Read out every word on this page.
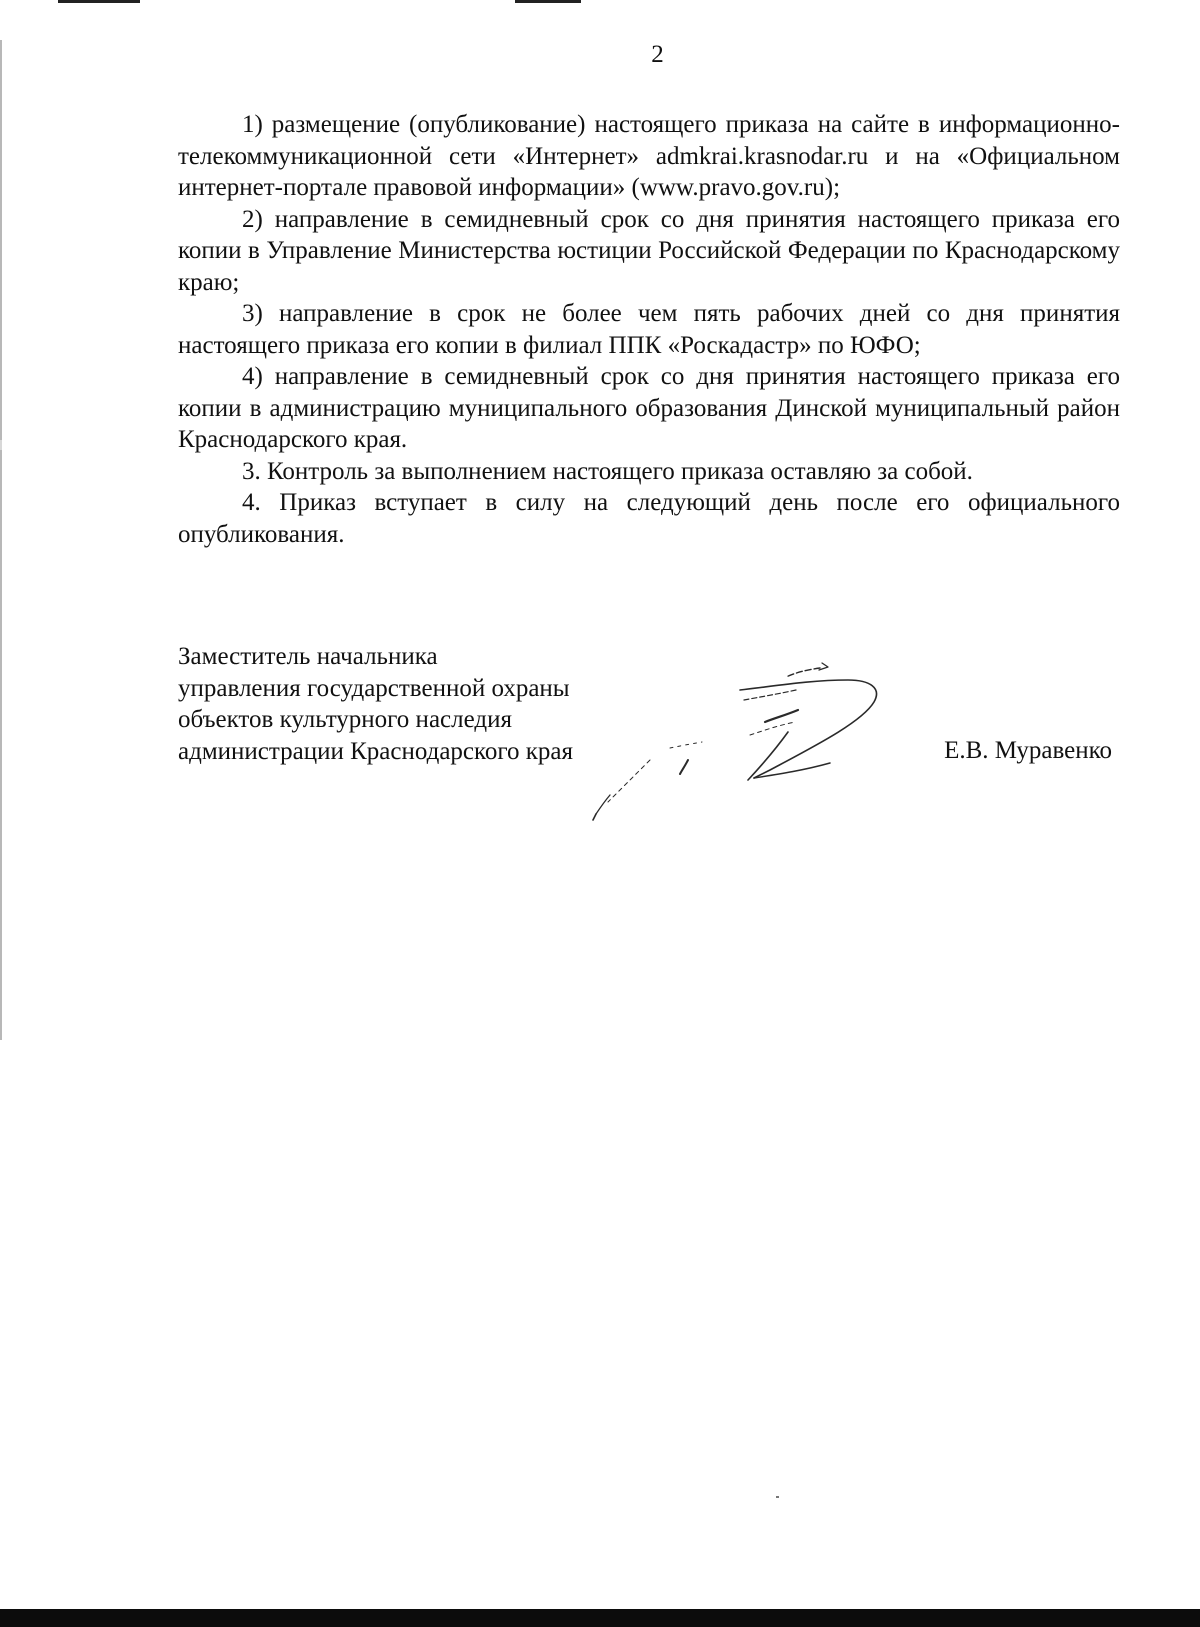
2

1) размещение (опубликование) настоящего приказа на сайте в информационно-телекоммуникационной сети «Интернет» admkrai.krasnodar.ru и на «Официальном интернет-портале правовой информации» (www.pravo.gov.ru);

2) направление в семидневный срок со дня принятия настоящего приказа его копии в Управление Министерства юстиции Российской Федерации по Краснодарскому краю;

3) направление в срок не более чем пять рабочих дней со дня принятия настоящего приказа его копии в филиал ППК «Роскадастр» по ЮФО;

4) направление в семидневный срок со дня принятия настоящего приказа его копии в администрацию муниципального образования Динской муниципальный район Краснодарского края.

3. Контроль за выполнением настоящего приказа оставляю за собой.

4. Приказ вступает в силу на следующий день после его официального опубликования.

Заместитель начальника
управления государственной охраны
объектов культурного наследия
администрации Краснодарского края	Е.В. Муравенко
